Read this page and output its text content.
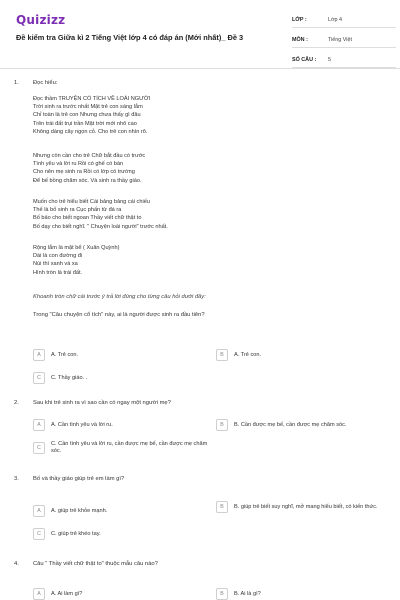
Quizizz
Đề kiểm tra Giữa kì 2 Tiếng Việt lớp 4 có đáp án (Mới nhất)_ Đề 3
LỚP :	Lớp 4
MÔN :	Tiếng Việt
SỐ CÂU :	5
1. Đọc hiểu:
Đọc thầm TRUYỆN CỔ TÍCH VỀ LOÀI NGƯỜI
Trời sinh ra trước nhất Mặt trẻ con sáng lắm
Chỉ toàn là trẻ con Nhưng chưa thấy gì đâu
Trên trái đất trụi trần Mặt trời mới nhô cao
Không dáng cây ngọn cỏ. Cho trẻ con nhìn rõ.
Nhưng còn cần cho trẻ Chữ bắt đầu có trước
Tình yêu và lời ru Rồi có ghế có bàn
Cho nên mẹ sinh ra Rồi có lớp có trường
Để bế bồng chăm sóc. Và sinh ra thầy giáo.
Muốn cho trẻ hiểu biết Cái bảng bảng cái chiếu
Thế là bố sinh ra Cục phấn từ đá ra
Bố bảo cho biết ngoan Thầy viết chữ thật to
Bố dạy cho biết nghĩ. " Chuyện loài người" trước nhất.
Rộng lắm là mặt bể ( Xuân Quỳnh)
Dài là con đường đi
Núi thì xanh và xa
Hình tròn là trái đất.
Khoanh tròn chữ cái trước ý trả lời đúng cho từng câu hỏi dưới đây:
Trong "Câu chuyện cổ tích" này, ai là người được sinh ra đầu tiên?
A	A. Trẻ con.	B	A. Trẻ con.
C	C. Thầy giáo. .
2. Sau khi trẻ sinh ra vì sao cần có ngay một người mẹ?
A	A. Cần tình yêu và lời ru.	B	B. Cần được mẹ bế, cần được mẹ chăm sóc.
C
C. Cần tình yêu và lời ru, cần được mẹ bế, cần được mẹ chăm sóc.
3. Bố và thầy giáo giúp trẻ em làm gì?
A	A. giúp trẻ khỏe mạnh.
B	B. giúp trẻ biết suy nghĩ, mở mang hiểu biết, có kiến thức.
C	C. giúp trẻ khéo tay.
4. Câu " Thầy viết chữ thật to" thuộc mẫu câu nào?
A	A. Ai làm gì?	B	B. Ai là gì?
